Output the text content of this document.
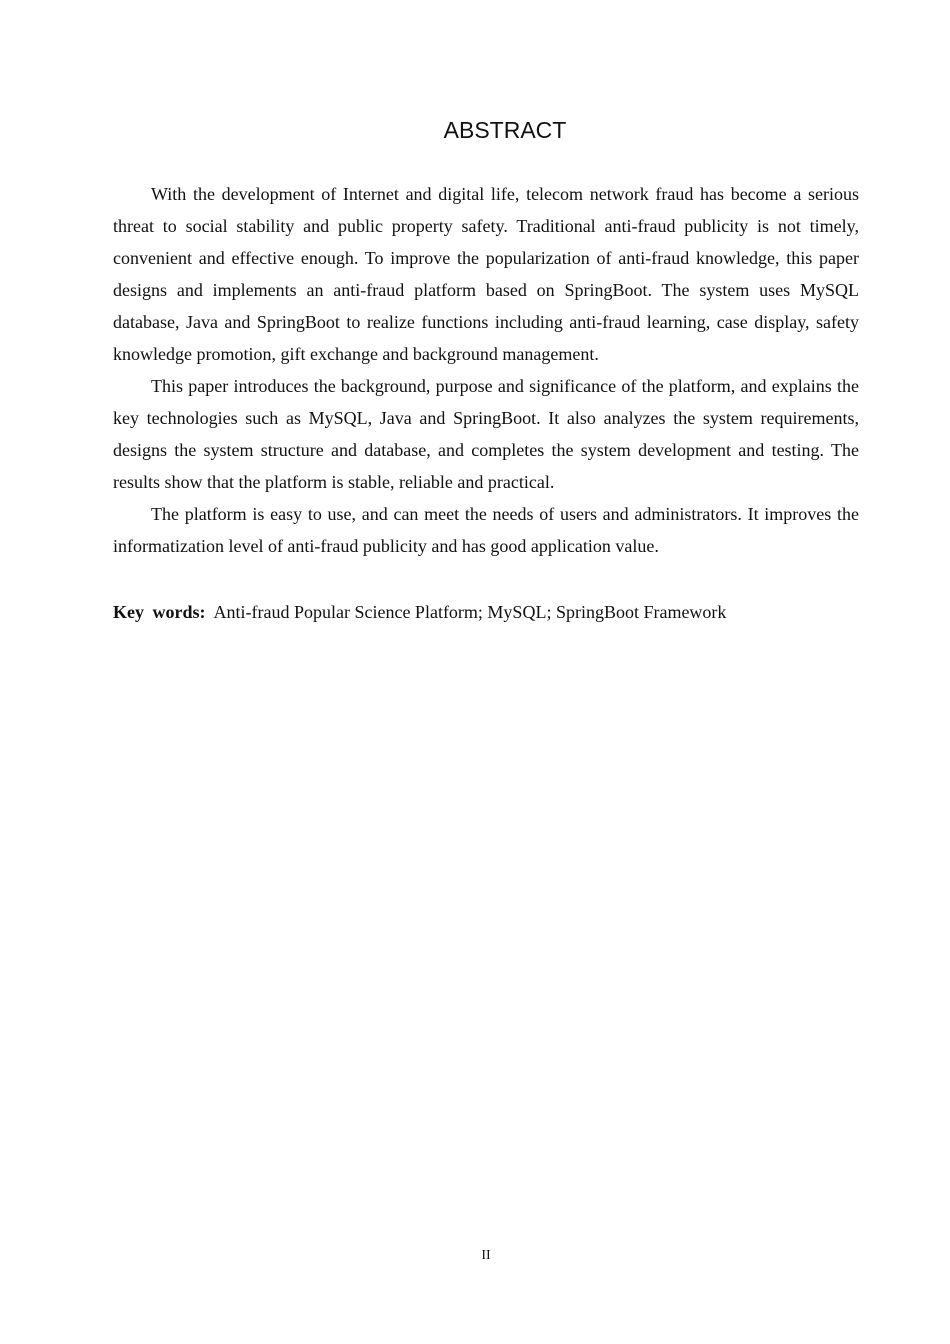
ABSTRACT

With the development of Internet and digital life, telecom network fraud has become a serious threat to social stability and public property safety. Traditional anti-fraud publicity is not timely, convenient and effective enough. To improve the popularization of anti-fraud knowledge, this paper designs and implements an anti-fraud platform based on SpringBoot. The system uses MySQL database, Java and SpringBoot to realize functions including anti-fraud learning, case display, safety knowledge promotion, gift exchange and background management.

This paper introduces the background, purpose and significance of the platform, and explains the key technologies such as MySQL, Java and SpringBoot. It also analyzes the system requirements, designs the system structure and database, and completes the system development and testing. The results show that the platform is stable, reliable and practical.

The platform is easy to use, and can meet the needs of users and administrators. It improves the informatization level of anti-fraud publicity and has good application value.

Key words: Anti-fraud Popular Science Platform; MySQL; SpringBoot Framework

II
